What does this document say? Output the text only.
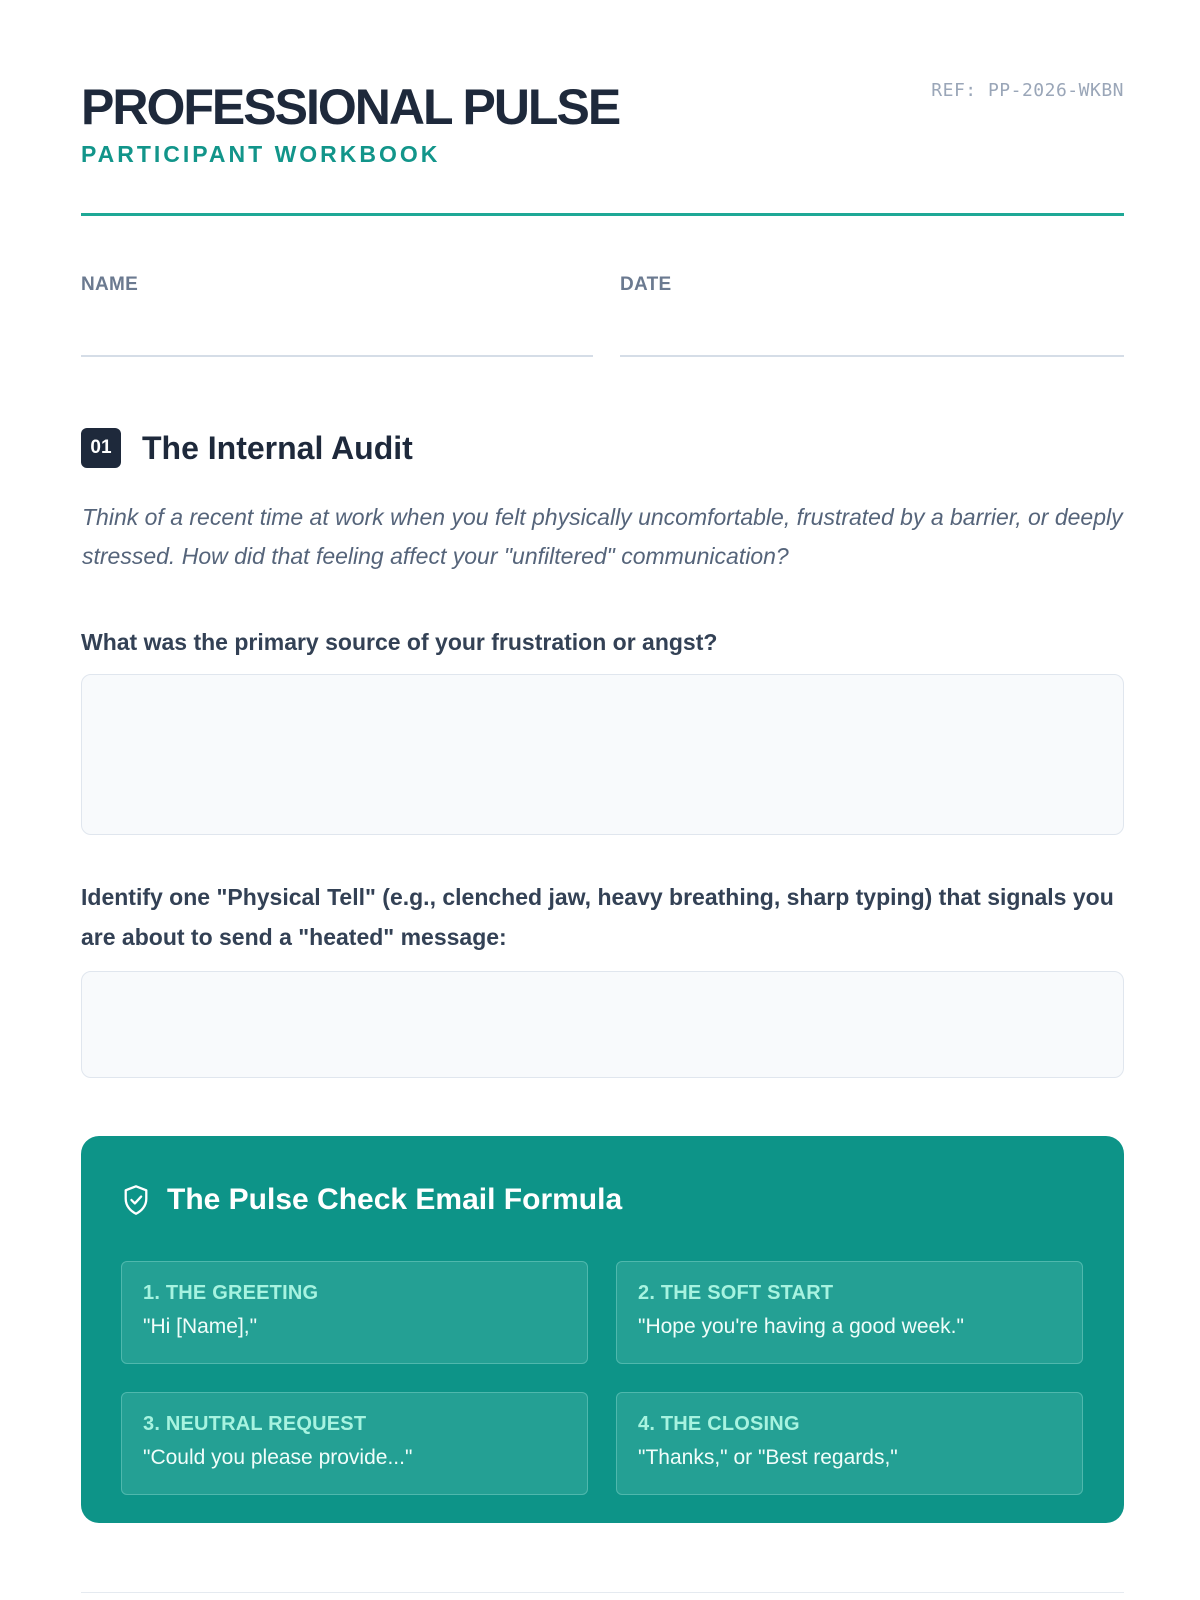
PROFESSIONAL PULSE
PARTICIPANT WORKBOOK
REF: PP-2026-WKBN
NAME	DATE
01 The Internal Audit
Think of a recent time at work when you felt physically uncomfortable, frustrated by a barrier, or deeply stressed. How did that feeling affect your "unfiltered" communication?
What was the primary source of your frustration or angst?
Identify one "Physical Tell" (e.g., clenched jaw, heavy breathing, sharp typing) that signals you are about to send a "heated" message:
The Pulse Check Email Formula
1. THE GREETING
"Hi [Name],"
2. THE SOFT START
"Hope you're having a good week."
3. NEUTRAL REQUEST
"Could you please provide..."
4. THE CLOSING
"Thanks," or "Best regards,"
